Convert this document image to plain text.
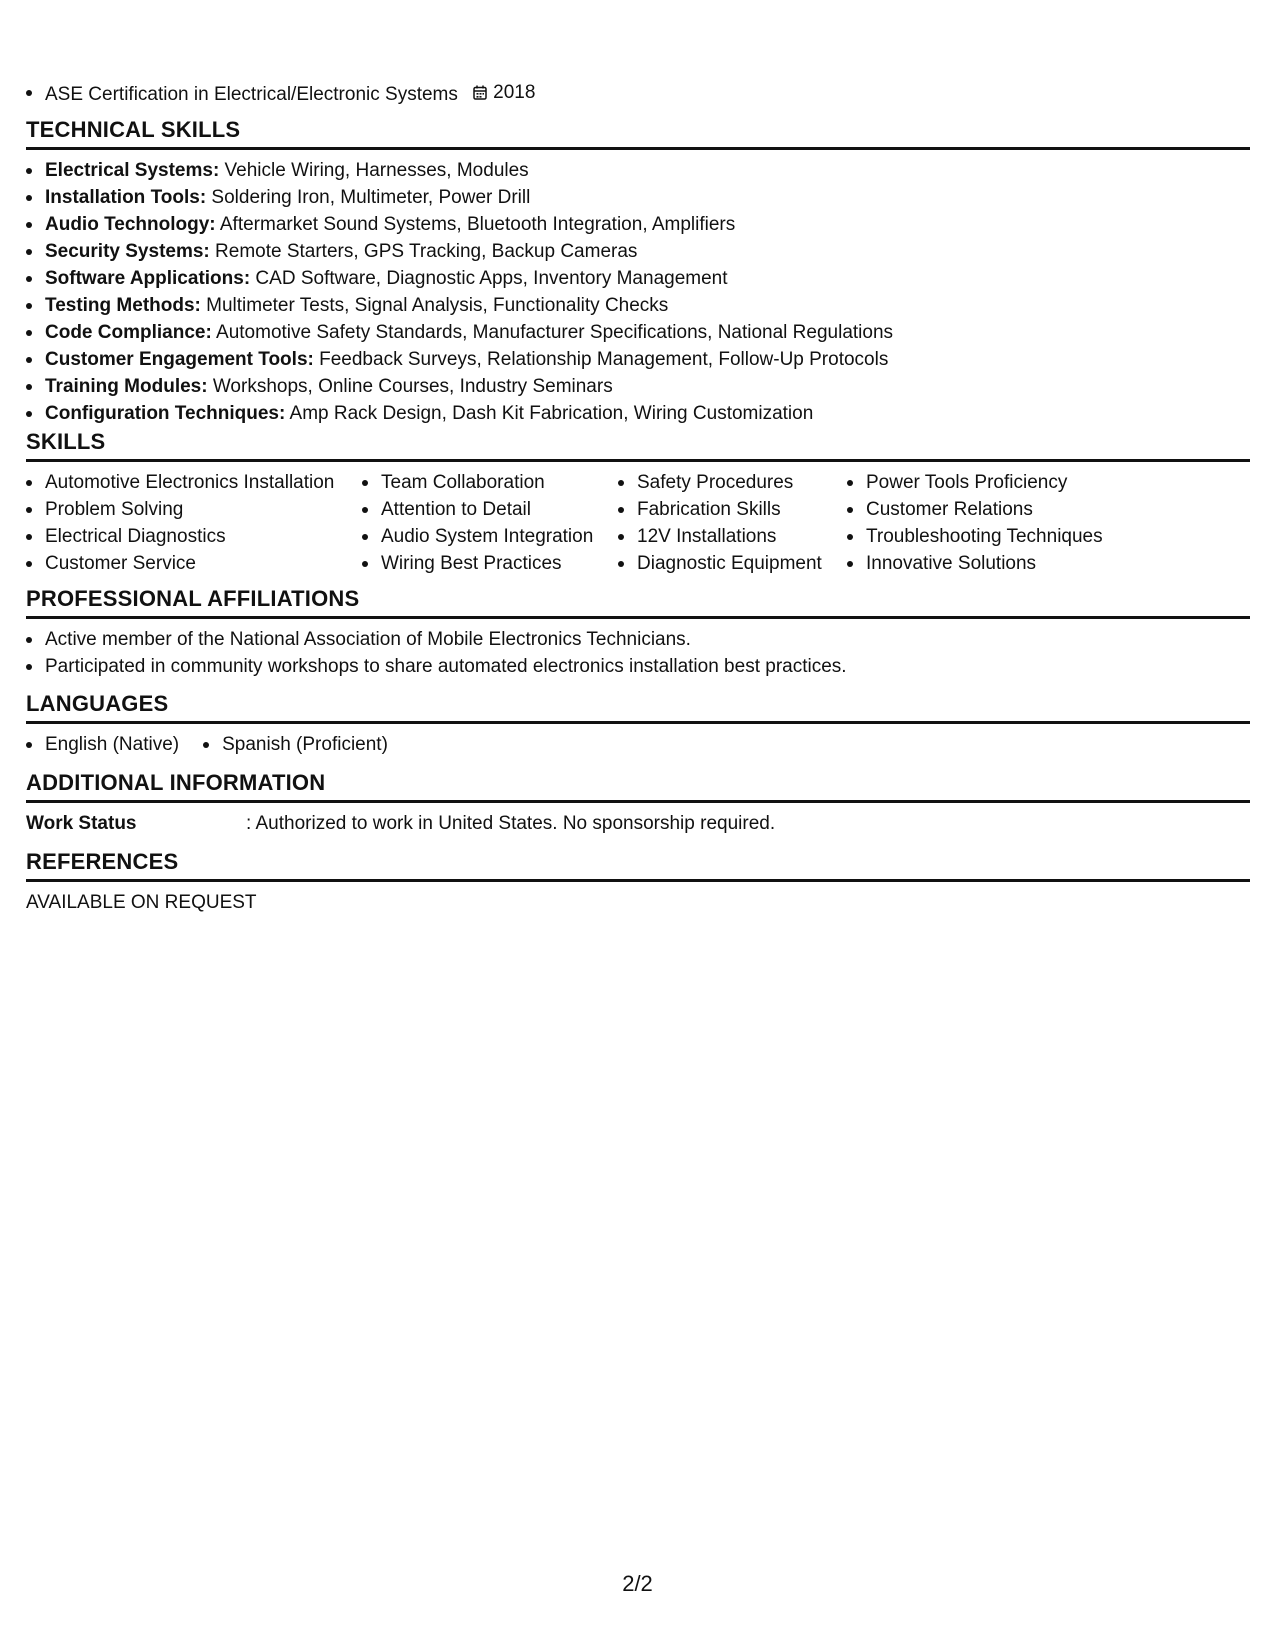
ASE Certification in Electrical/Electronic Systems 2018
TECHNICAL SKILLS
Electrical Systems: Vehicle Wiring, Harnesses, Modules
Installation Tools: Soldering Iron, Multimeter, Power Drill
Audio Technology: Aftermarket Sound Systems, Bluetooth Integration, Amplifiers
Security Systems: Remote Starters, GPS Tracking, Backup Cameras
Software Applications: CAD Software, Diagnostic Apps, Inventory Management
Testing Methods: Multimeter Tests, Signal Analysis, Functionality Checks
Code Compliance: Automotive Safety Standards, Manufacturer Specifications, National Regulations
Customer Engagement Tools: Feedback Surveys, Relationship Management, Follow-Up Protocols
Training Modules: Workshops, Online Courses, Industry Seminars
Configuration Techniques: Amp Rack Design, Dash Kit Fabrication, Wiring Customization
SKILLS
Automotive Electronics Installation
Problem Solving
Electrical Diagnostics
Customer Service
Team Collaboration
Attention to Detail
Audio System Integration
Wiring Best Practices
Safety Procedures
Fabrication Skills
12V Installations
Diagnostic Equipment
Power Tools Proficiency
Customer Relations
Troubleshooting Techniques
Innovative Solutions
PROFESSIONAL AFFILIATIONS
Active member of the National Association of Mobile Electronics Technicians.
Participated in community workshops to share automated electronics installation best practices.
LANGUAGES
English (Native)	Spanish (Proficient)
ADDITIONAL INFORMATION
Work Status	: Authorized to work in United States. No sponsorship required.
REFERENCES
AVAILABLE ON REQUEST
2/2
